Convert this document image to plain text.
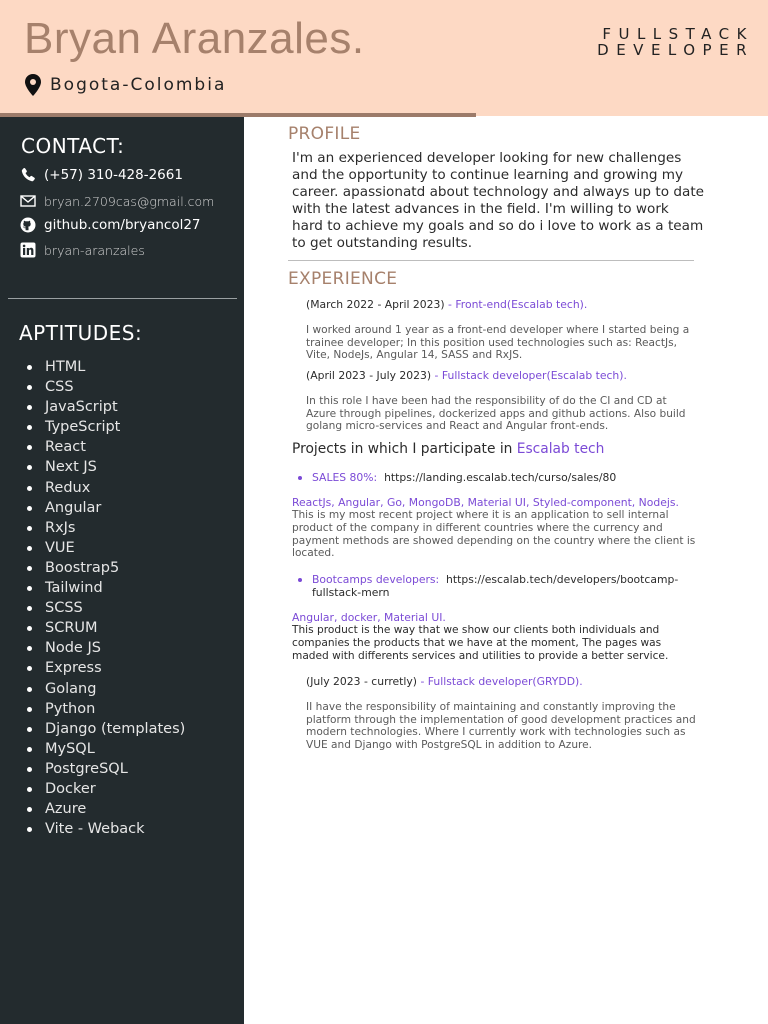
Bryan Aranzales.
Bogota-Colombia
FULLSTACK
DEVELOPER
CONTACT:
(+57) 310-428-2661
bryan.2709cas@gmail.com
github.com/bryancol27
bryan-aranzales
APTITUDES:
HTML
CSS
JavaScript
TypeScript
React
Next JS
Redux
Angular
RxJs
VUE
Boostrap5
Tailwind
SCSS
SCRUM
Node JS
Express
Golang
Python
Django (templates)
MySQL
PostgreSQL
Docker
Azure
Vite - Weback
PROFILE

I'm an experienced developer looking for new challenges and the opportunity to continue learning and growing my career. apassionatd about technology and always up to date with the latest advances in the field. I'm willing to work hard to achieve my goals and so do i love to work as a team to get outstanding results.

EXPERIENCE

(March 2022 - April 2023) - Front-end(Escalab tech).

I worked around 1 year as a front-end developer where I started being a trainee developer; In this position used technologies such as: ReactJs, Vite, NodeJs, Angular 14, SASS and RxJS.

(April 2023 - July 2023) - Fullstack developer(Escalab tech).

In this role I have been had the responsibility of do the CI and CD at Azure through pipelines, dockerized apps and github actions. Also build golang micro-services and React and Angular front-ends.

Projects in which I participate in Escalab tech

SALES 80%: https://landing.escalab.tech/curso/sales/80

ReactJs, Angular, Go, MongoDB, Material UI, Styled-component, Nodejs.

This is my most recent project where it is an application to sell internal product of the company in different countries where the currency and payment methods are showed depending on the country where the client is located.

Bootcamps developers: https://escalab.tech/developers/bootcamp-fullstack-mern

Angular, docker, Material UI.

This product is the way that we show our clients both individuals and companies the products that we have at the moment, The pages was maded with differents services and utilities to provide a better service.

(July 2023 - curretly) - Fullstack developer(GRYDD).

II have the responsibility of maintaining and constantly improving the platform through the implementation of good development practices and modern technologies. Where I currently work with technologies such as VUE and Django with PostgreSQL in addition to Azure.
